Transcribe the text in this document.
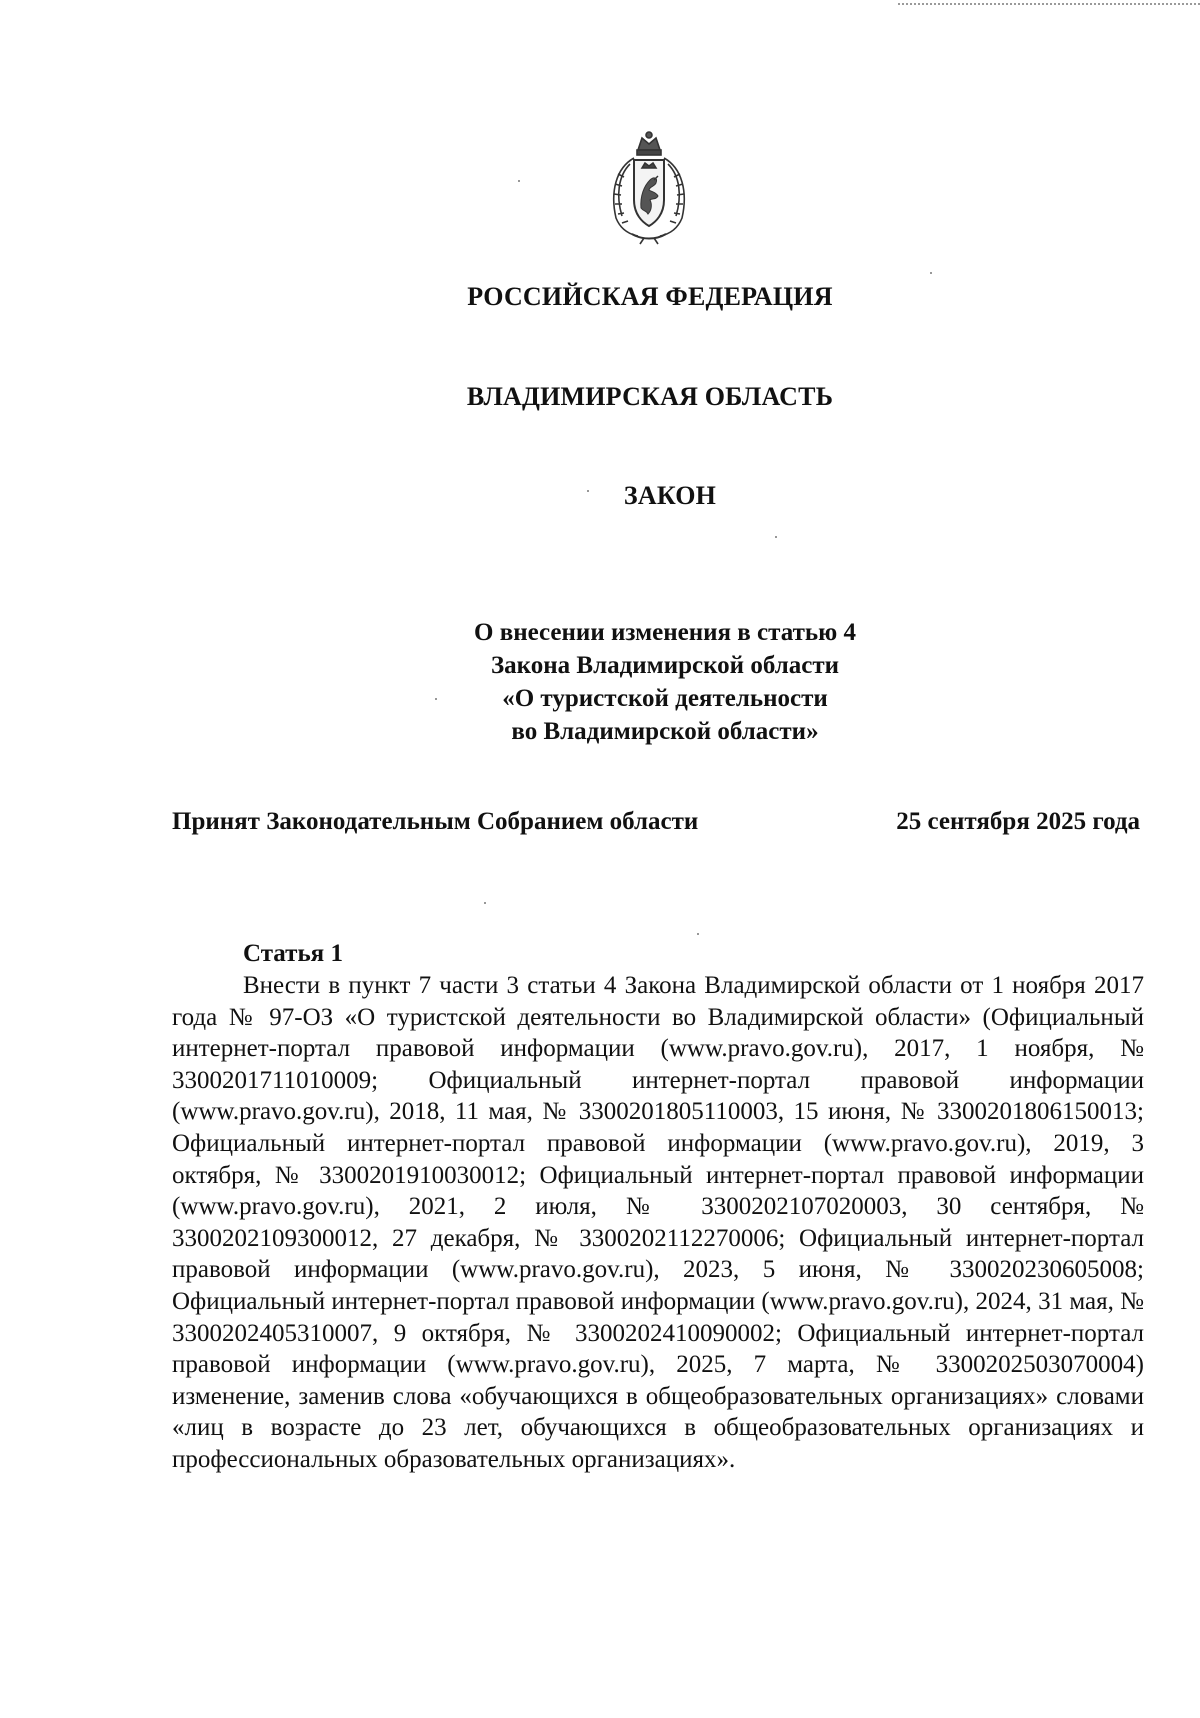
РОССИЙСКАЯ ФЕДЕРАЦИЯ
ВЛАДИМИРСКАЯ ОБЛАСТЬ
ЗАКОН
О внесении изменения в статью 4
Закона Владимирской области
«О туристской деятельности
во Владимирской области»
Принят Законодательным Собранием области	25 сентября 2025 года
Статья 1
Внести в пункт 7 части 3 статьи 4 Закона Владимирской области от 1 ноября 2017 года № 97-ОЗ «О туристской деятельности во Владимирской области» (Официальный интернет-портал правовой информации (www.pravo.gov.ru), 2017, 1 ноября, № 3300201711010009; Официальный интернет-портал правовой информации (www.pravo.gov.ru), 2018, 11 мая, № 3300201805110003, 15 июня, № 3300201806150013; Официальный интернет-портал правовой информации (www.pravo.gov.ru), 2019, 3 октября, № 3300201910030012; Официальный интернет-портал правовой информации (www.pravo.gov.ru), 2021, 2 июля, № 3300202107020003, 30 сентября, № 3300202109300012, 27 декабря, № 3300202112270006; Официальный интернет-портал правовой информации (www.pravo.gov.ru), 2023, 5 июня, № 330020230605008; Официальный интернет-портал правовой информации (www.pravo.gov.ru), 2024, 31 мая, № 3300202405310007, 9 октября, № 3300202410090002; Официальный интернет-портал правовой информации (www.pravo.gov.ru), 2025, 7 марта, № 3300202503070004) изменение, заменив слова «обучающихся в общеобразовательных организациях» словами «лиц в возрасте до 23 лет, обучающихся в общеобразовательных организациях и профессиональных образовательных организациях».
